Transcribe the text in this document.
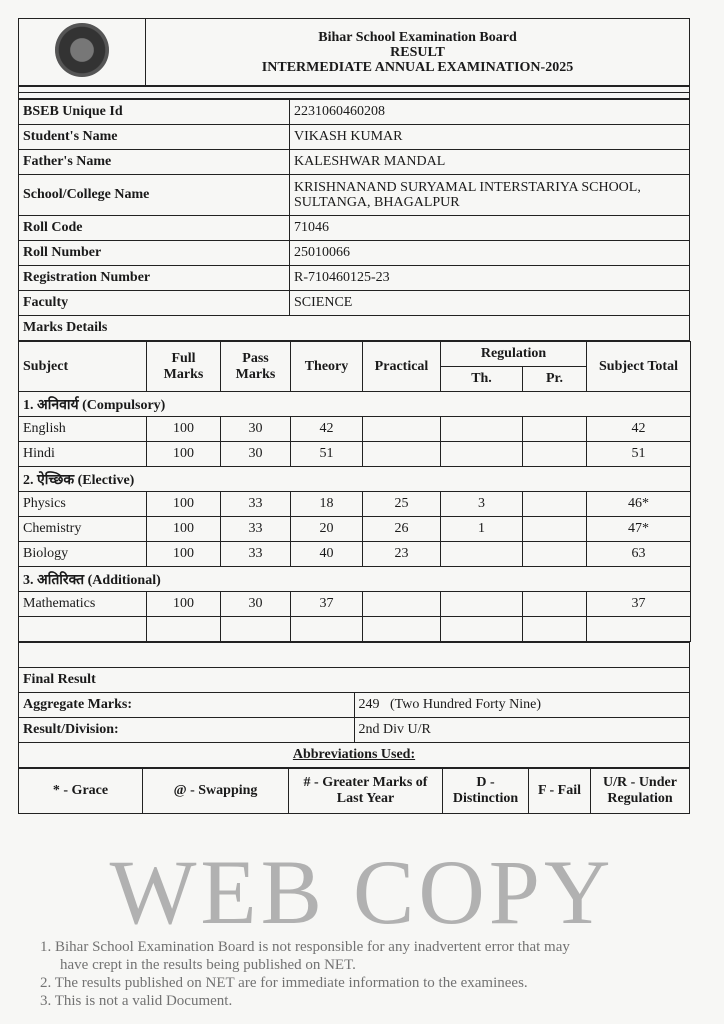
Bihar School Examination Board
RESULT
INTERMEDIATE ANNUAL EXAMINATION-2025

BSEB Unique Id	2231060460208
Student's Name	VIKASH KUMAR
Father's Name	KALESHWAR MANDAL
School/College Name	KRISHNANAND SURYAMAL INTERSTARIYA SCHOOL, SULTANGA, BHAGALPUR
Roll Code	71046
Roll Number	25010066
Registration Number	R-710460125-23
Faculty	SCIENCE
Marks Details	
Subject	Full Marks	Pass Marks	Theory	Practical	Regulation		Subject Total
					Th.	Pr.	
1. अनिवार्य (Compulsory)							
English	100	30	42				42
Hindi	100	30	51				51
2. ऐच्छिक (Elective)							
Physics	100	33	18	25	3		46*
Chemistry	100	33	20	26	1		47*
Biology	100	33	40	23			63
3. अतिरिक्त (Additional)							
Mathematics	100	30	37				37

Final Result	
Aggregate Marks:	249 (Two Hundred Forty Nine)
Result/Division:	2nd Div U/R
Abbreviations Used:	
* - Grace	@ - Swapping	# - Greater Marks of Last Year	D - Distinction	F - Fail	U/R - Under Regulation
WEB COPY
1. Bihar School Examination Board is not responsible for any inadvertent error that may
have crept in the results being published on NET.
2. The results published on NET are for immediate information to the examinees.
3. This is not a valid Document.
